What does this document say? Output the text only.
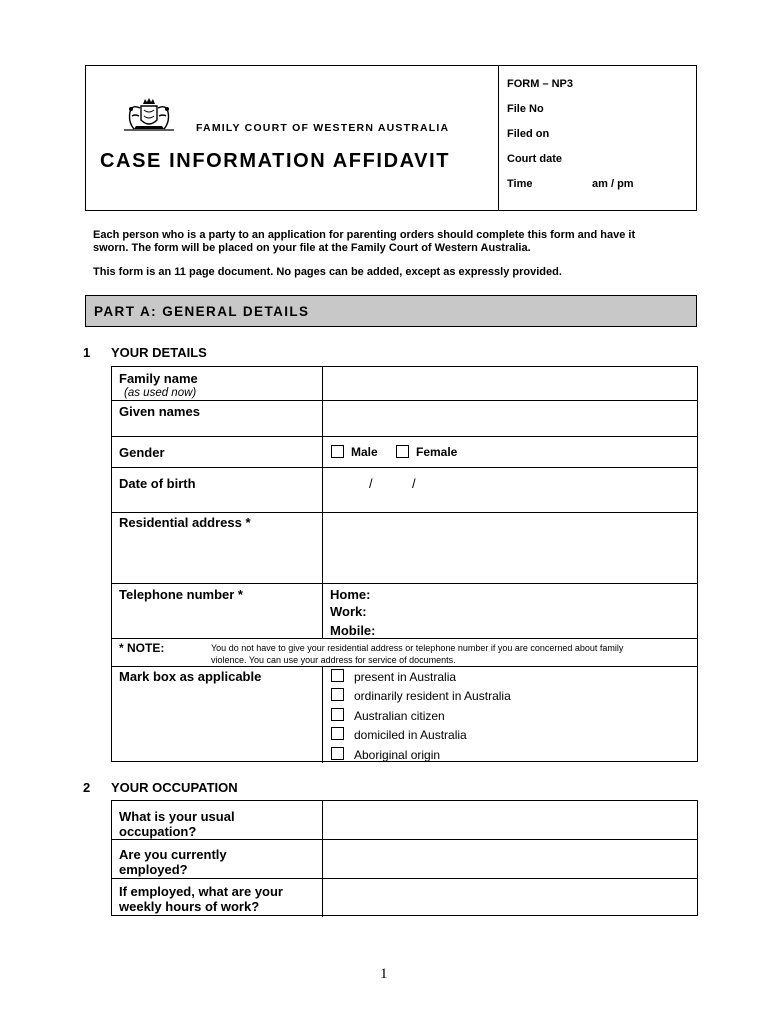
FAMILY COURT OF WESTERN AUSTRALIA
CASE INFORMATION AFFIDAVIT
FORM – NP3
File No
Filed on
Court date
Time	am / pm
Each person who is a party to an application for parenting orders should complete this form and have it
sworn. The form will be placed on your file at the Family Court of Western Australia.
This form is an 11 page document. No pages can be added, except as expressly provided.
PART A: GENERAL DETAILS
1 YOUR DETAILS
Family name
(as used now)
Given names
Gender	Male	Female
Date of birth	/	/
Residential address *
Telephone number *	Home:
Work:
Mobile:
* NOTE:	You do not have to give your residential address or telephone number if you are concerned about family
violence. You can use your address for service of documents.
Mark box as applicable	present in Australia
ordinarily resident in Australia
Australian citizen
domiciled in Australia
Aboriginal origin
2 YOUR OCCUPATION
What is your usual
occupation?
Are you currently
employed?
If employed, what are your
weekly hours of work?
1
